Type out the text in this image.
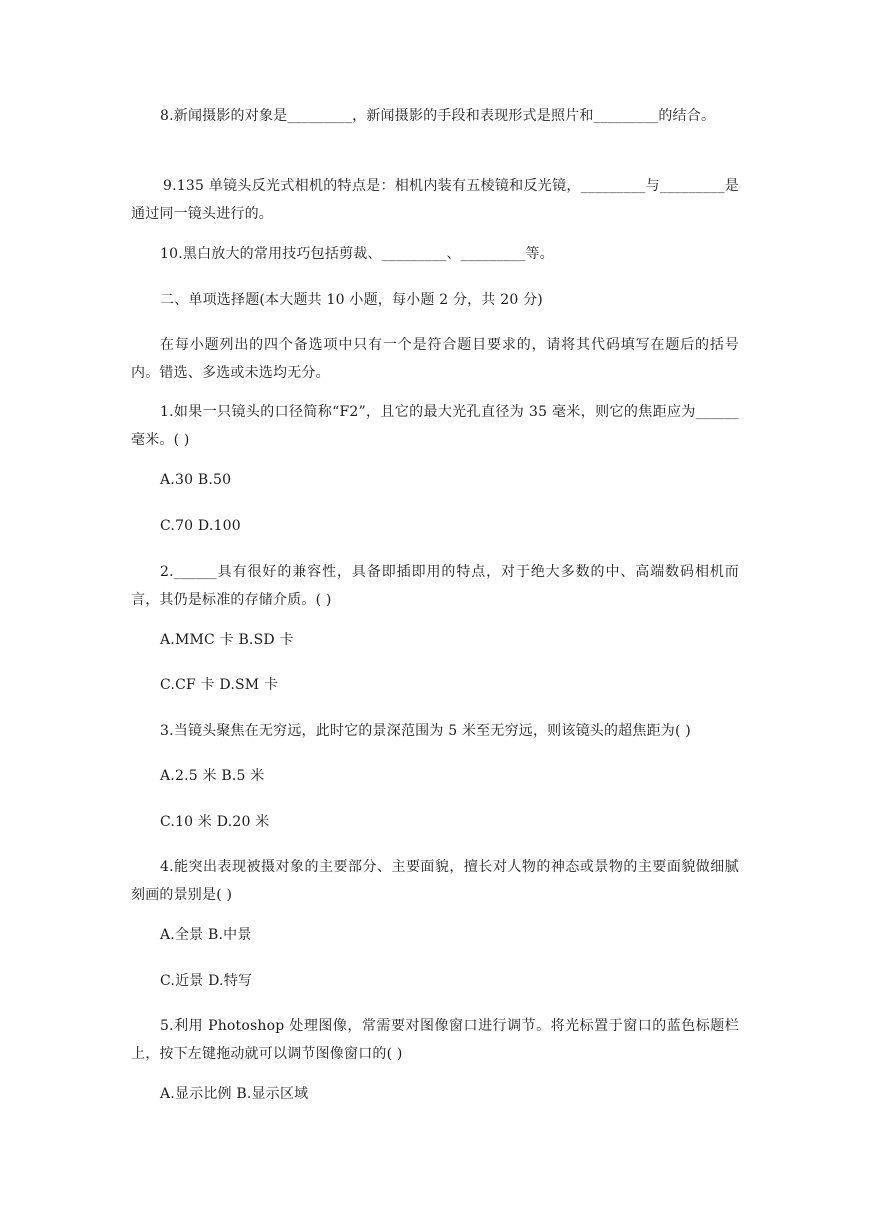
8.新闻摄影的对象是_________，新闻摄影的手段和表现形式是照片和_________的结合。

9.135 单镜头反光式相机的特点是：相机内装有五棱镜和反光镜，_________与_________是通过同一镜头进行的。

10.黑白放大的常用技巧包括剪裁、_________、_________等。

二、单项选择题(本大题共 10 小题，每小题 2 分，共 20 分)

在每小题列出的四个备选项中只有一个是符合题目要求的，请将其代码填写在题后的括号内。错选、多选或未选均无分。

1.如果一只镜头的口径简称“F2”，且它的最大光孔直径为 35 毫米，则它的焦距应为______毫米。( )

A.30 B.50

C.70 D.100

2.______具有很好的兼容性，具备即插即用的特点，对于绝大多数的中、高端数码相机而言，其仍是标准的存储介质。( )

A.MMC 卡 B.SD 卡

C.CF 卡 D.SM 卡

3.当镜头聚焦在无穷远，此时它的景深范围为 5 米至无穷远，则该镜头的超焦距为( )

A.2.5 米 B.5 米

C.10 米 D.20 米

4.能突出表现被摄对象的主要部分、主要面貌，擅长对人物的神态或景物的主要面貌做细腻刻画的景别是( )

A.全景 B.中景

C.近景 D.特写

5.利用 Photoshop 处理图像，常需要对图像窗口进行调节。将光标置于窗口的蓝色标题栏上，按下左键拖动就可以调节图像窗口的( )

A.显示比例 B.显示区域
